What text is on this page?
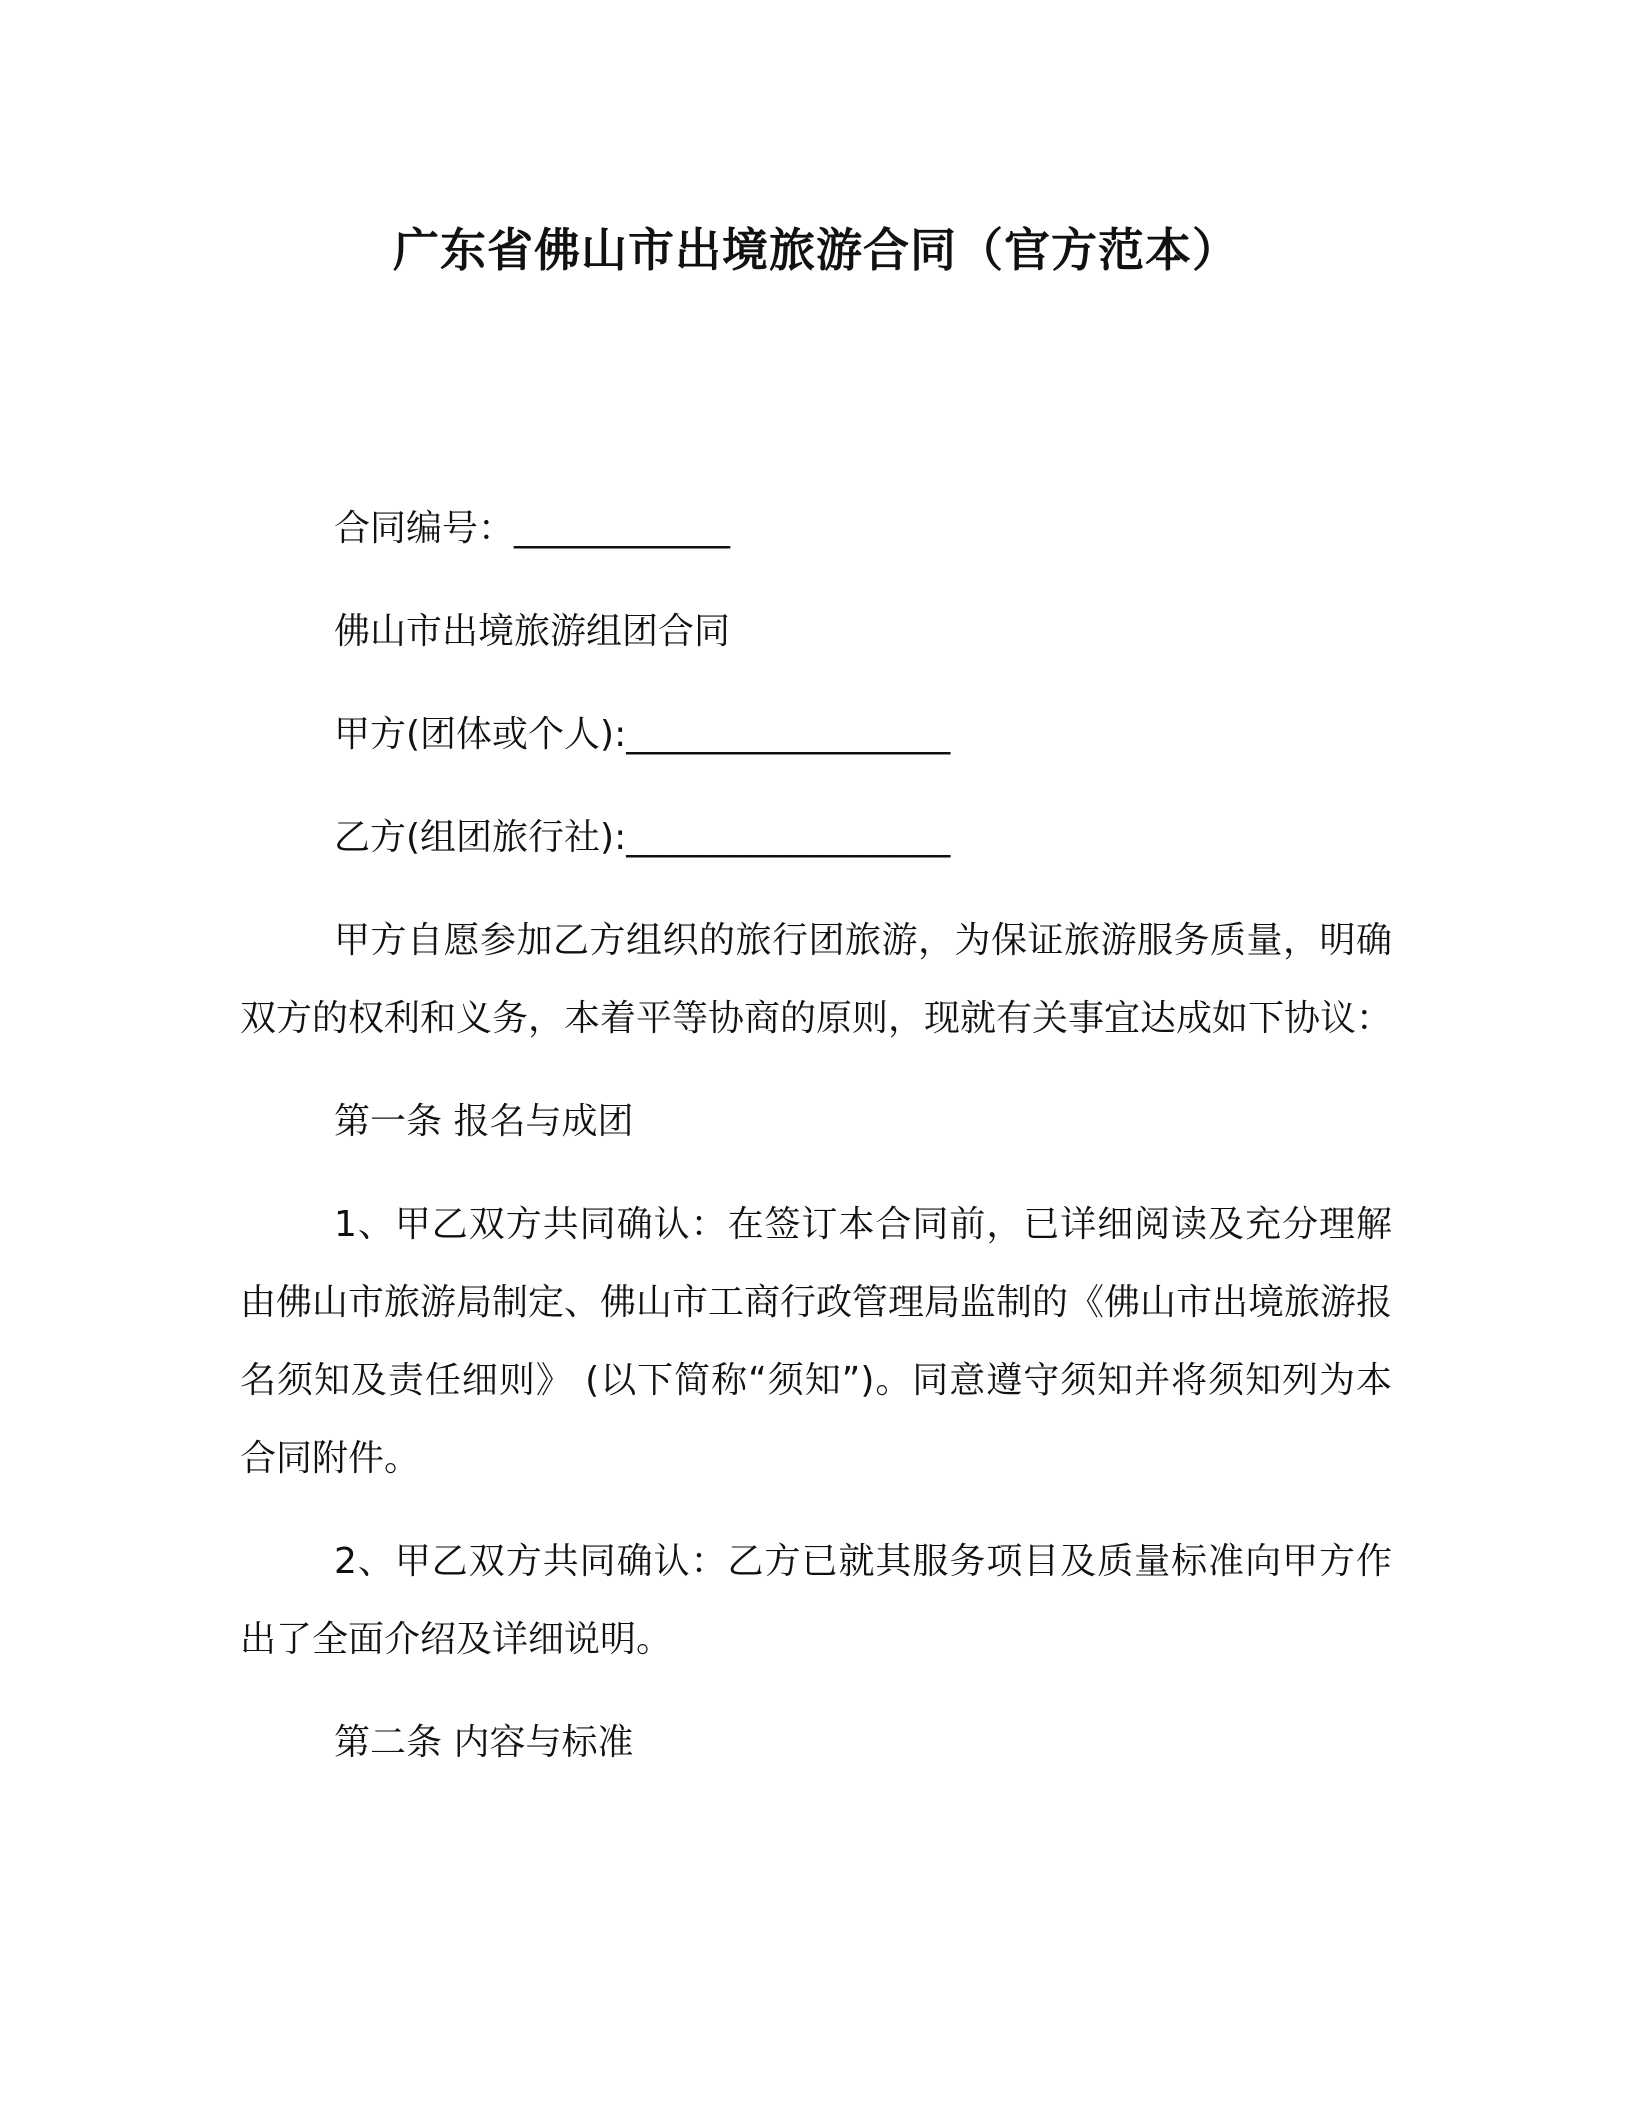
广东省佛山市出境旅游合同（官方范本）
合同编号：____________
佛山市出境旅游组团合同
甲方(团体或个人):__________________
乙方(组团旅行社):__________________
甲方自愿参加乙方组织的旅行团旅游，为保证旅游服务质量，明确双方的权利和义务，本着平等协商的原则，现就有关事宜达成如下协议：
第一条 报名与成团
1、甲乙双方共同确认：在签订本合同前，已详细阅读及充分理解由佛山市旅游局制定、佛山市工商行政管理局监制的《佛山市出境旅游报名须知及责任细则》 (以下简称“须知”)。同意遵守须知并将须知列为本合同附件。
2、甲乙双方共同确认：乙方已就其服务项目及质量标准向甲方作出了全面介绍及详细说明。
第二条 内容与标准
